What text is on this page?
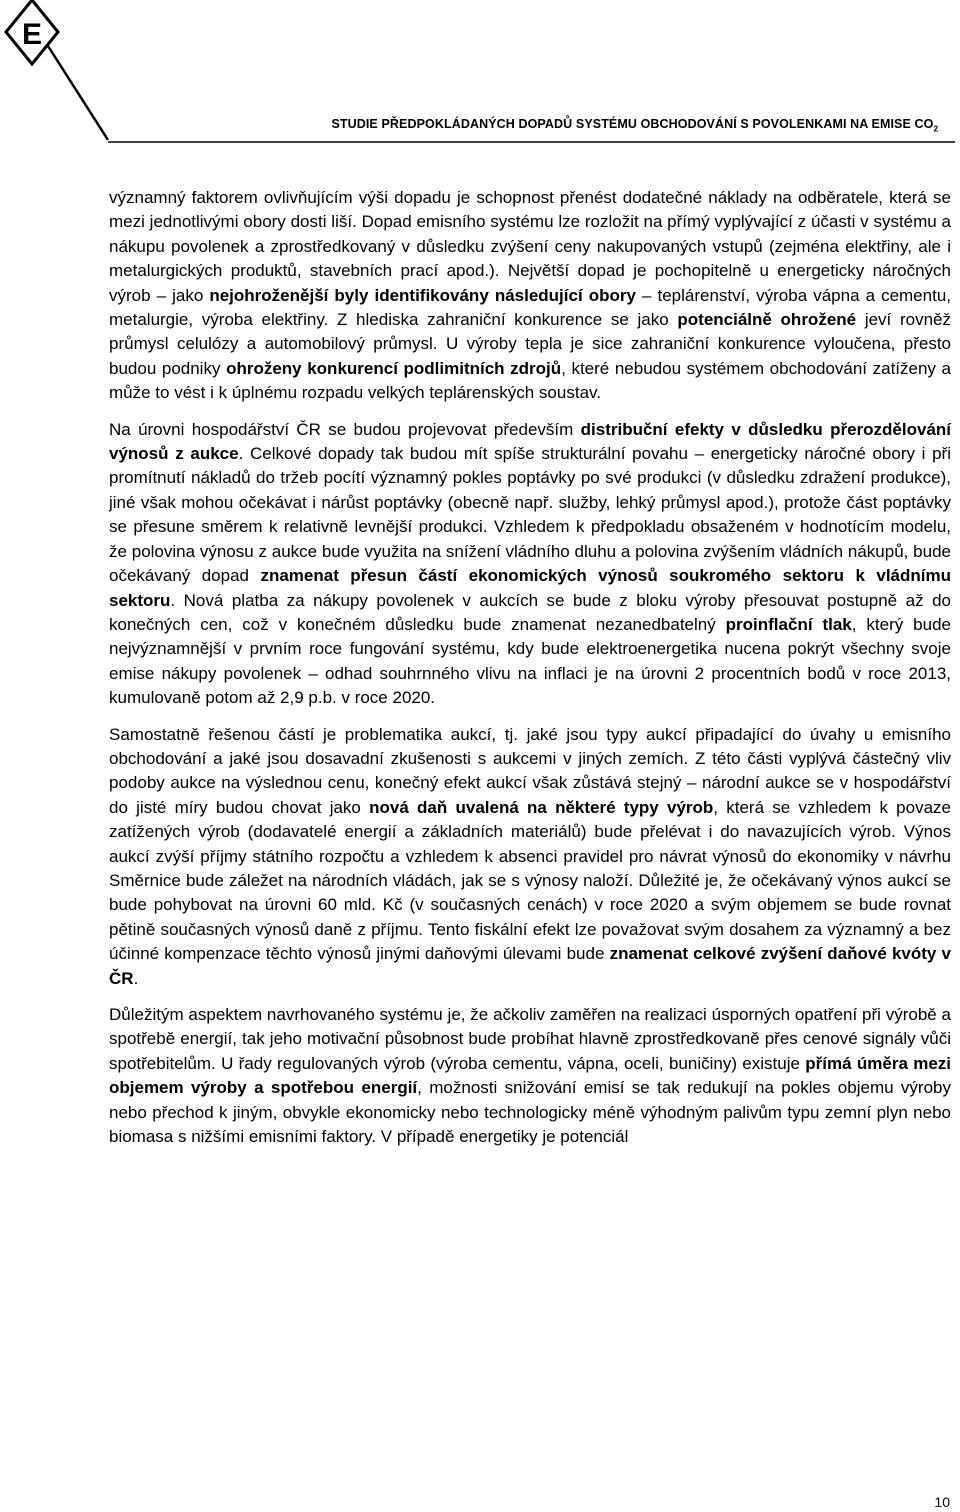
E
STUDIE PŘEDPOKLÁDANÝCH DOPADŮ SYSTÉMU OBCHODOVÁNÍ S POVOLENKAMI NA EMISE $CO_2$

významný faktorem ovlivňujícím výši dopadu je schopnost přenést dodatečné náklady na odběratele, která se mezi jednotlivými obory dosti liší. Dopad emisního systému lze rozložit na přímý vyplývající z účasti v systému a nákupu povolenek a zprostředkovaný v důsledku zvýšení ceny nakupovaných vstupů (zejména elektřiny, ale i metalurgických produktů, stavebních prací apod.). Největší dopad je pochopitelně u energeticky náročných výrob – jako nejohroženější byly identifikovány následující obory – teplárenství, výroba vápna a cementu, metalurgie, výroba elektřiny. Z hlediska zahraniční konkurence se jako potenciálně ohrožené jeví rovněž průmysl celulózy a automobilový průmysl. U výroby tepla je sice zahraniční konkurence vyloučena, přesto budou podniky ohroženy konkurencí podlimitních zdrojů, které nebudou systémem obchodování zatíženy a může to vést i k úplnému rozpadu velkých teplárenských soustav.

Na úrovni hospodářství ČR se budou projevovat především distribuční efekty v důsledku přerozdělování výnosů z aukce. Celkové dopady tak budou mít spíše strukturální povahu – energeticky náročné obory i při promítnutí nákladů do tržeb pocítí významný pokles poptávky po své produkci (v důsledku zdražení produkce), jiné však mohou očekávat i nárůst poptávky (obecně např. služby, lehký průmysl apod.), protože část poptávky se přesune směrem k relativně levnější produkci. Vzhledem k předpokladu obsaženém v hodnotícím modelu, že polovina výnosu z aukce bude využita na snížení vládního dluhu a polovina zvýšením vládních nákupů, bude očekávaný dopad znamenat přesun částí ekonomických výnosů soukromého sektoru k vládnímu sektoru. Nová platba za nákupy povolenek v aukcích se bude z bloku výroby přesouvat postupně až do konečných cen, což v konečném důsledku bude znamenat nezanedbatelný proinflační tlak, který bude nejvýznamnější v prvním roce fungování systému, kdy bude elektroenergetika nucena pokrýt všechny svoje emise nákupy povolenek – odhad souhrnného vlivu na inflaci je na úrovni 2 procentních bodů v roce 2013, kumulovaně potom až 2,9 p.b. v roce 2020.

Samostatně řešenou částí je problematika aukcí, tj. jaké jsou typy aukcí připadající do úvahy u emisního obchodování a jaké jsou dosavadní zkušenosti s aukcemi v jiných zemích. Z této části vyplývá částečný vliv podoby aukce na výslednou cenu, konečný efekt aukcí však zůstává stejný – národní aukce se v hospodářství do jisté míry budou chovat jako nová daň uvalená na některé typy výrob, která se vzhledem k povaze zatížených výrob (dodavatelé energií a základních materiálů) bude přelévat i do navazujících výrob. Výnos aukcí zvýší příjmy státního rozpočtu a vzhledem k absenci pravidel pro návrat výnosů do ekonomiky v návrhu Směrnice bude záležet na národních vládách, jak se s výnosy naloží. Důležité je, že očekávaný výnos aukcí se bude pohybovat na úrovni 60 mld. Kč (v současných cenách) v roce 2020 a svým objemem se bude rovnat pětině současných výnosů daně z příjmu. Tento fiskální efekt lze považovat svým dosahem za významný a bez účinné kompenzace těchto výnosů jinými daňovými úlevami bude znamenat celkové zvýšení daňové kvóty v ČR.

Důležitým aspektem navrhovaného systému je, že ačkoliv zaměřen na realizaci úsporných opatření při výrobě a spotřebě energií, tak jeho motivační působnost bude probíhat hlavně zprostředkovaně přes cenové signály vůči spotřebitelům. U řady regulovaných výrob (výroba cementu, vápna, oceli, buničiny) existuje přímá úměra mezi objemem výroby a spotřebou energií, možnosti snižování emisí se tak redukují na pokles objemu výroby nebo přechod k jiným, obvykle ekonomicky nebo technologicky méně výhodným palivům typu zemní plyn nebo biomasa s nižšími emisními faktory. V případě energetiky je potenciál

10
